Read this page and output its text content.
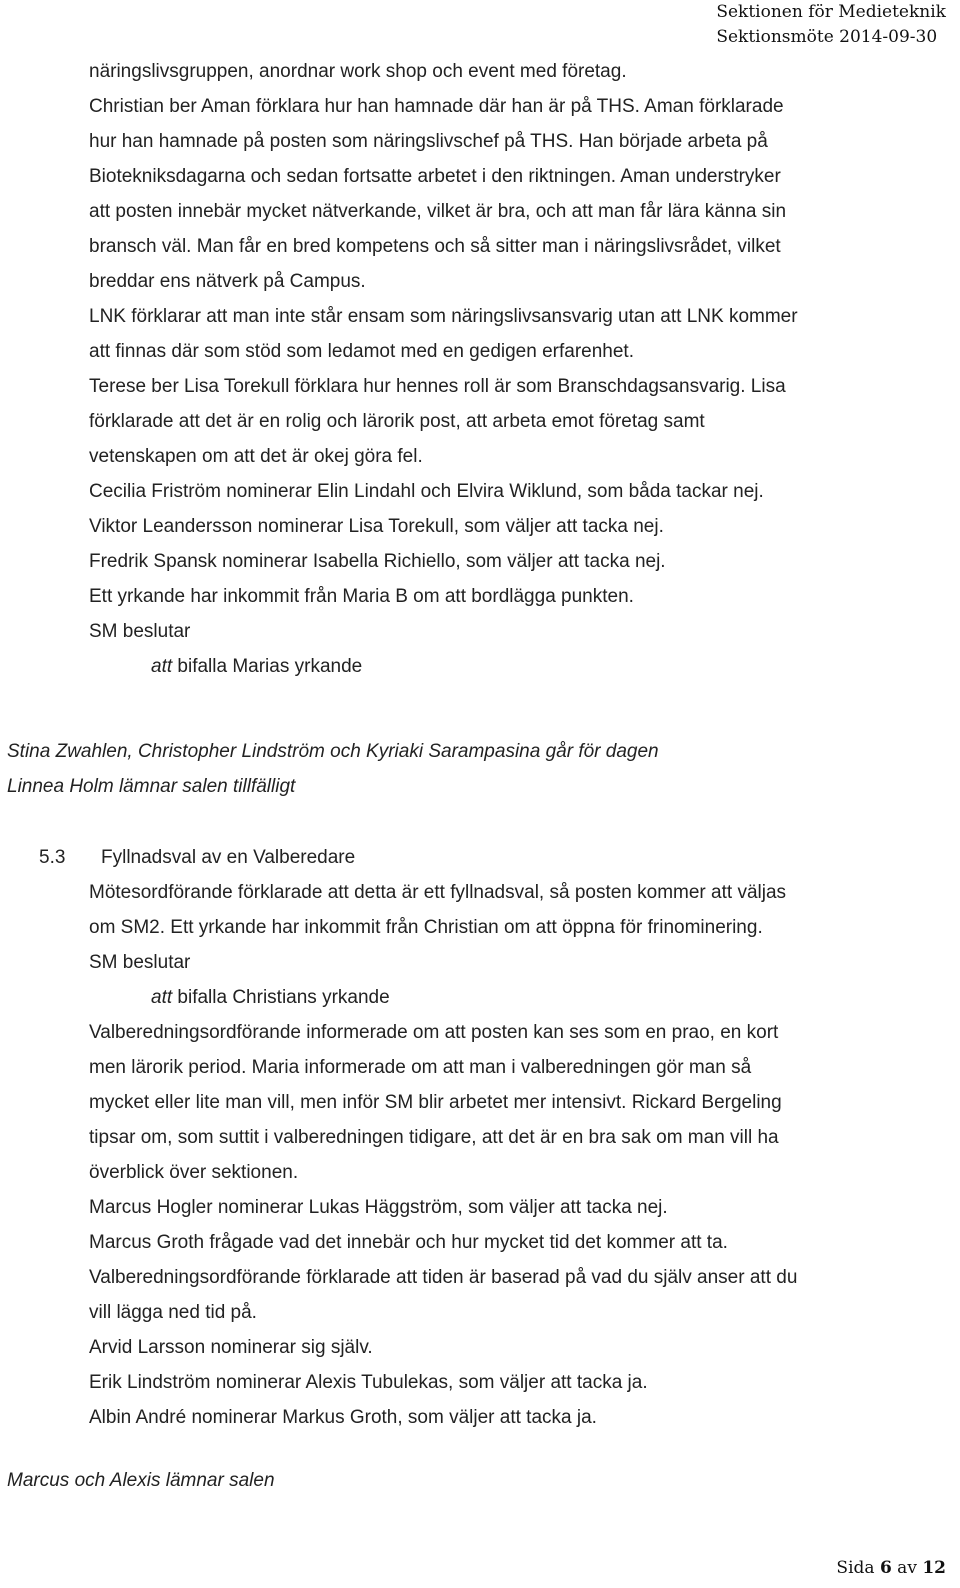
Sektionen för Medieteknik
Sektionsmöte 2014-09-30
näringslivsgruppen, anordnar work shop och event med företag.
Christian ber Aman förklara hur han hamnade där han är på THS. Aman förklarade
hur han hamnade på posten som näringslivschef på THS. Han började arbeta på
Biotekniksdagarna och sedan fortsatte arbetet i den riktningen. Aman understryker
att posten innebär mycket nätverkande, vilket är bra, och att man får lära känna sin
bransch väl. Man får en bred kompetens och så sitter man i näringslivsrådet, vilket
breddar ens nätverk på Campus.
LNK förklarar att man inte står ensam som näringslivsansvarig utan att LNK kommer
att finnas där som stöd som ledamot med en gedigen erfarenhet.
Terese ber Lisa Torekull förklara hur hennes roll är som Branschdagsansvarig. Lisa
förklarade att det är en rolig och lärorik post, att arbeta emot företag samt
vetenskapen om att det är okej göra fel.
Cecilia Friström nominerar Elin Lindahl och Elvira Wiklund, som båda tackar nej.
Viktor Leandersson nominerar Lisa Torekull, som väljer att tacka nej.
Fredrik Spansk nominerar Isabella Richiello, som väljer att tacka nej.
Ett yrkande har inkommit från Maria B om att bordlägga punkten.
SM beslutar
att bifalla Marias yrkande
Stina Zwahlen, Christopher Lindström och Kyriaki Sarampasina går för dagen
Linnea Holm lämnar salen tillfälligt
5.3 Fyllnadsval av en Valberedare
Mötesordförande förklarade att detta är ett fyllnadsval, så posten kommer att väljas
om SM2. Ett yrkande har inkommit från Christian om att öppna för frinominering.
SM beslutar
att bifalla Christians yrkande
Valberedningsordförande informerade om att posten kan ses som en prao, en kort
men lärorik period. Maria informerade om att man i valberedningen gör man så
mycket eller lite man vill, men inför SM blir arbetet mer intensivt. Rickard Bergeling
tipsar om, som suttit i valberedningen tidigare, att det är en bra sak om man vill ha
överblick över sektionen.
Marcus Hogler nominerar Lukas Häggström, som väljer att tacka nej.
Marcus Groth frågade vad det innebär och hur mycket tid det kommer att ta.
Valberedningsordförande förklarade att tiden är baserad på vad du själv anser att du
vill lägga ned tid på.
Arvid Larsson nominerar sig själv.
Erik Lindström nominerar Alexis Tubulekas, som väljer att tacka ja.
Albin André nominerar Markus Groth, som väljer att tacka ja.
Marcus och Alexis lämnar salen
Sida 6 av 12
